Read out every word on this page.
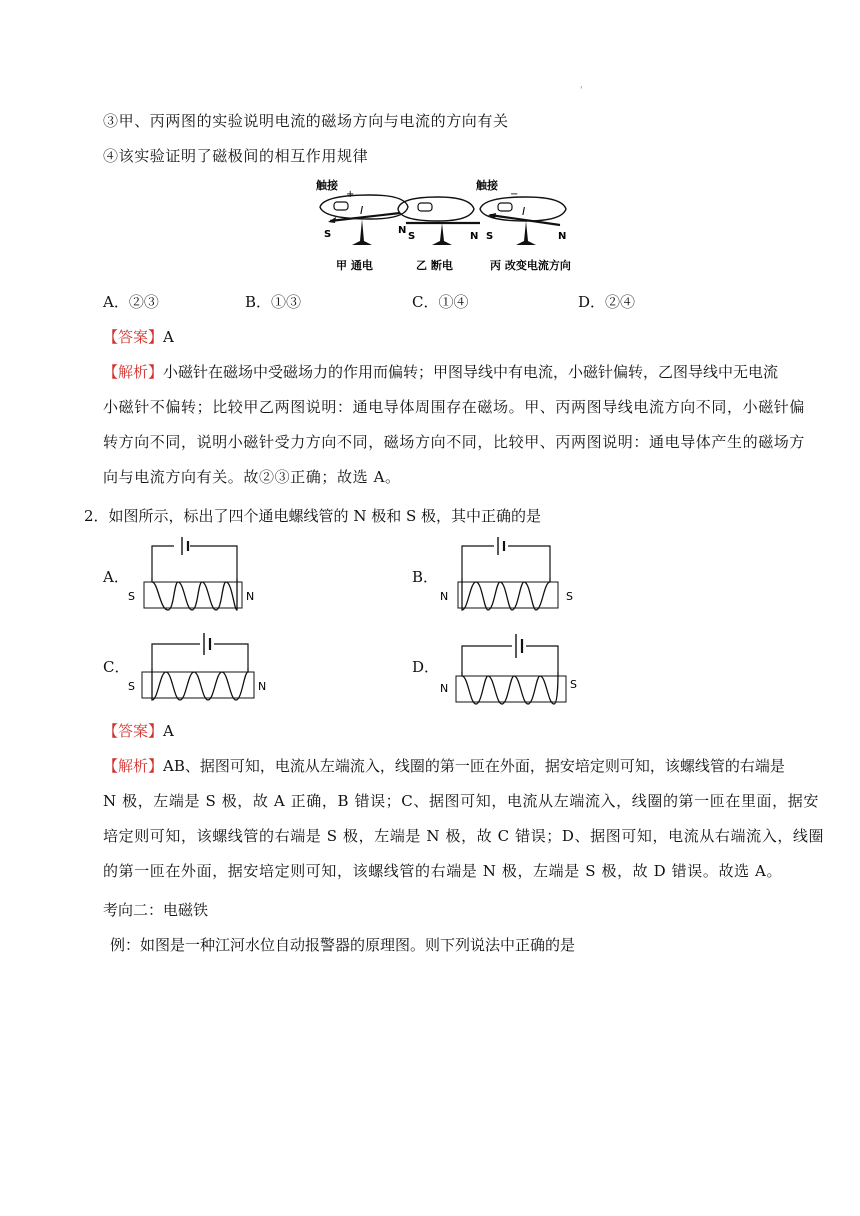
'
③甲、丙两图的实验说明电流的磁场方向与电流的方向有关
④该实验证明了磁极间的相互作用规律
触接
+
I
S	N
甲 通电
S	N
乙 断电
触接
−
I
S	N
丙 改变电流方向
A．②③	B．①③	C．①④	D．②④
【答案】A
【解析】小磁针在磁场中受磁场力的作用而偏转；甲图导线中有电流，小磁针偏转，乙图导线中无电流
小磁针不偏转；比较甲乙两图说明：通电导体周围存在磁场。甲、丙两图导线电流方向不同，小磁针偏
转方向不同，说明小磁针受力方向不同，磁场方向不同，比较甲、丙两图说明：通电导体产生的磁场方
向与电流方向有关。故②③正确；故选 A。
2．如图所示，标出了四个通电螺线管的 N 极和 S 极，其中正确的是
A．	B．
C．	D．
S	N	N	S
S	N	N	S
【答案】A
【解析】AB、据图可知，电流从左端流入，线圈的第一匝在外面，据安培定则可知，该螺线管的右端是
N 极，左端是 S 极，故 A 正确，B 错误；C、据图可知，电流从左端流入，线圈的第一匝在里面，据安
培定则可知，该螺线管的右端是 S 极，左端是 N 极，故 C 错误；D、据图可知，电流从右端流入，线圈
的第一匝在外面，据安培定则可知，该螺线管的右端是 N 极，左端是 S 极，故 D 错误。故选 A。
考向二：电磁铁
例：如图是一种江河水位自动报警器的原理图。则下列说法中正确的是
